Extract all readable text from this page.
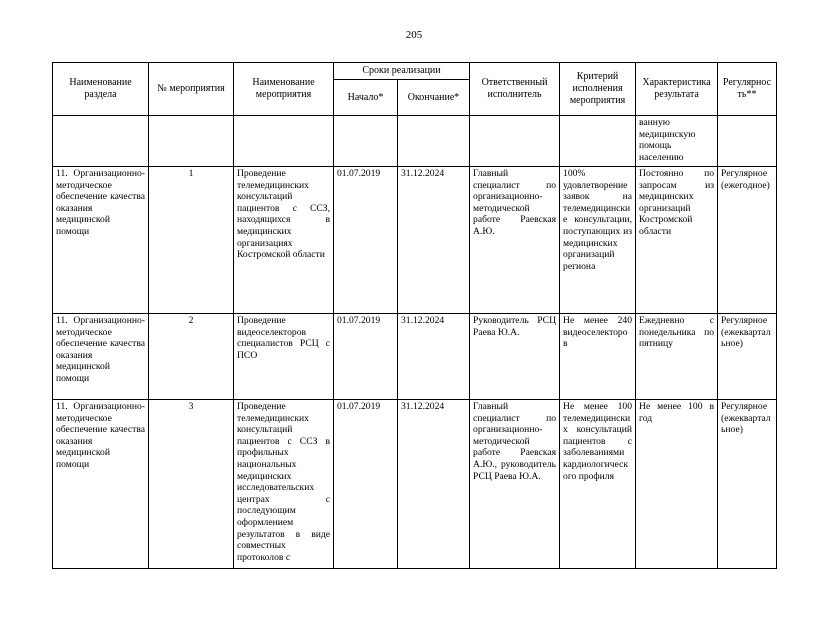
205
Наименование раздела	№ мероприятия	Наименование мероприятия	Сроки реализации		Ответственный исполнитель	Критерий исполнения мероприятия	Характеристика результата	Регулярность**
			Начало*	Окончание*				
							ванную медицинскую помощь населению	
11. Организационно-методическое обеспечение качества оказания медицинской помощи	1	Проведение телемедицинских консультаций пациентов с ССЗ, находящихся в медицинских организациях Костромской области	01.07.2019	31.12.2024	Главный специалист по организационно-методической работе Раевская А.Ю.	100% удовлетворение заявок на телемедицинские консультации, поступающих из медицинских организаций региона	Постоянно по запросам из медицинских организаций Костромской области	Регулярное (ежегодное)
11. Организационно-методическое обеспечение качества оказания медицинской помощи	2	Проведение видеоселекторов специалистов РСЦ с ПСО	01.07.2019	31.12.2024	Руководитель РСЦ Раева Ю.А.	Не менее 240 видеоселекторов	Ежедневно с понедельника по пятницу	Регулярное (ежеквартальное)
11. Организационно-методическое обеспечение качества оказания медицинской помощи	3	Проведение телемедицинских консультаций пациентов с ССЗ в профильных национальных медицинских исследовательских центрах с последующим оформлением результатов в виде совместных протоколов с	01.07.2019	31.12.2024	Главный специалист по организационно-методической работе Раевская А.Ю., руководитель РСЦ Раева Ю.А.	Не менее 100 телемедицинских консультаций пациентов с заболеваниями кардиологического профиля	Не менее 100 в год	Регулярное (ежеквартальное)
